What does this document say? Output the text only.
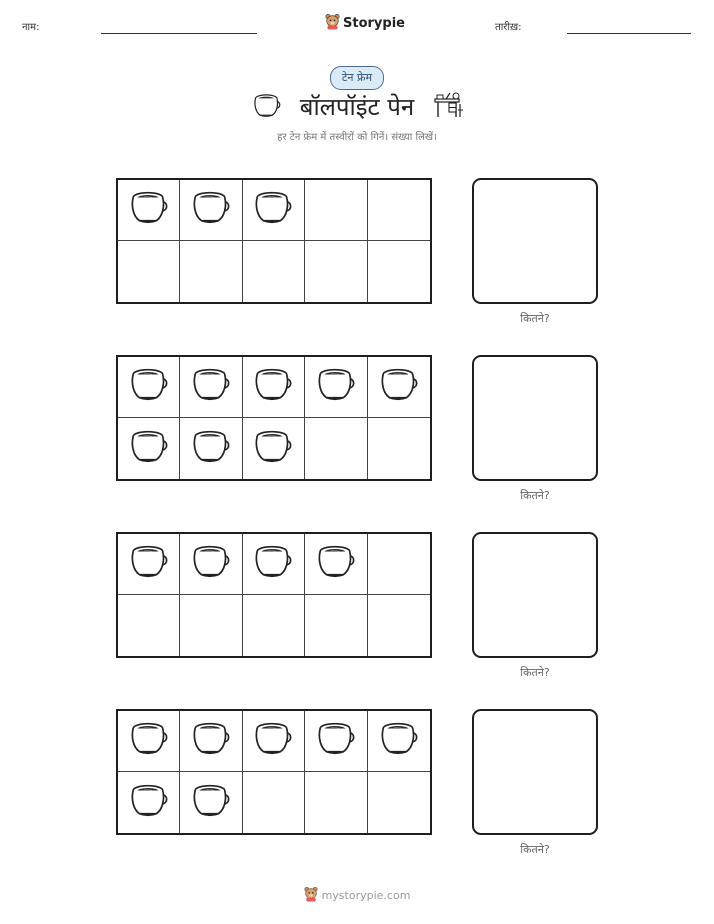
नाम:	Storypie	तारीख़:
टेन फ्रेम
बॉलपॉइंट पेन
हर टेन फ्रेम में तस्वीरों को गिनें। संख्या लिखें।
कितने?
कितने?
कितने?
कितने?
mystorypie.com
